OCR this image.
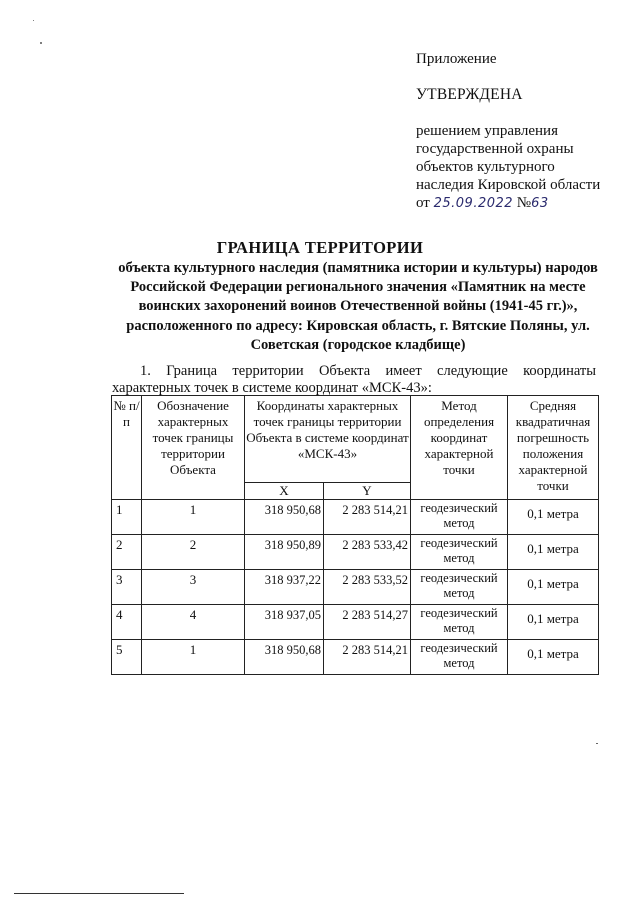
Приложение
УТВЕРЖДЕНА
решением управления
государственной охраны
объектов культурного
наследия Кировской области
от 25.09.2022 №63
ГРАНИЦА ТЕРРИТОРИИ
объекта культурного наследия (памятника истории и культуры) народов Российской Федерации регионального значения «Памятник на месте воинских захоронений воинов Отечественной войны (1941-45 гг.)», расположенного по адресу: Кировская область, г. Вятские Поляны, ул. Советская (городское кладбище)
1. Граница территории Объекта имеет следующие координаты
характерных точек в системе координат «МСК-43»:
№ п/п	Обозначение характерных точек границы территории Объекта	Координаты характерных точек границы территории Объекта в системе координат «МСК-43»		Метод определения координат характерной точки	Средняя квадратичная погрешность положения характерной точки
		X	Y		
1	1	318 950,68	2 283 514,21	геодезический метод	0,1 метра
2	2	318 950,89	2 283 533,42	геодезический метод	0,1 метра
3	3	318 937,22	2 283 533,52	геодезический метод	0,1 метра
4	4	318 937,05	2 283 514,27	геодезический метод	0,1 метра
5	1	318 950,68	2 283 514,21	геодезический метод	0,1 метра
